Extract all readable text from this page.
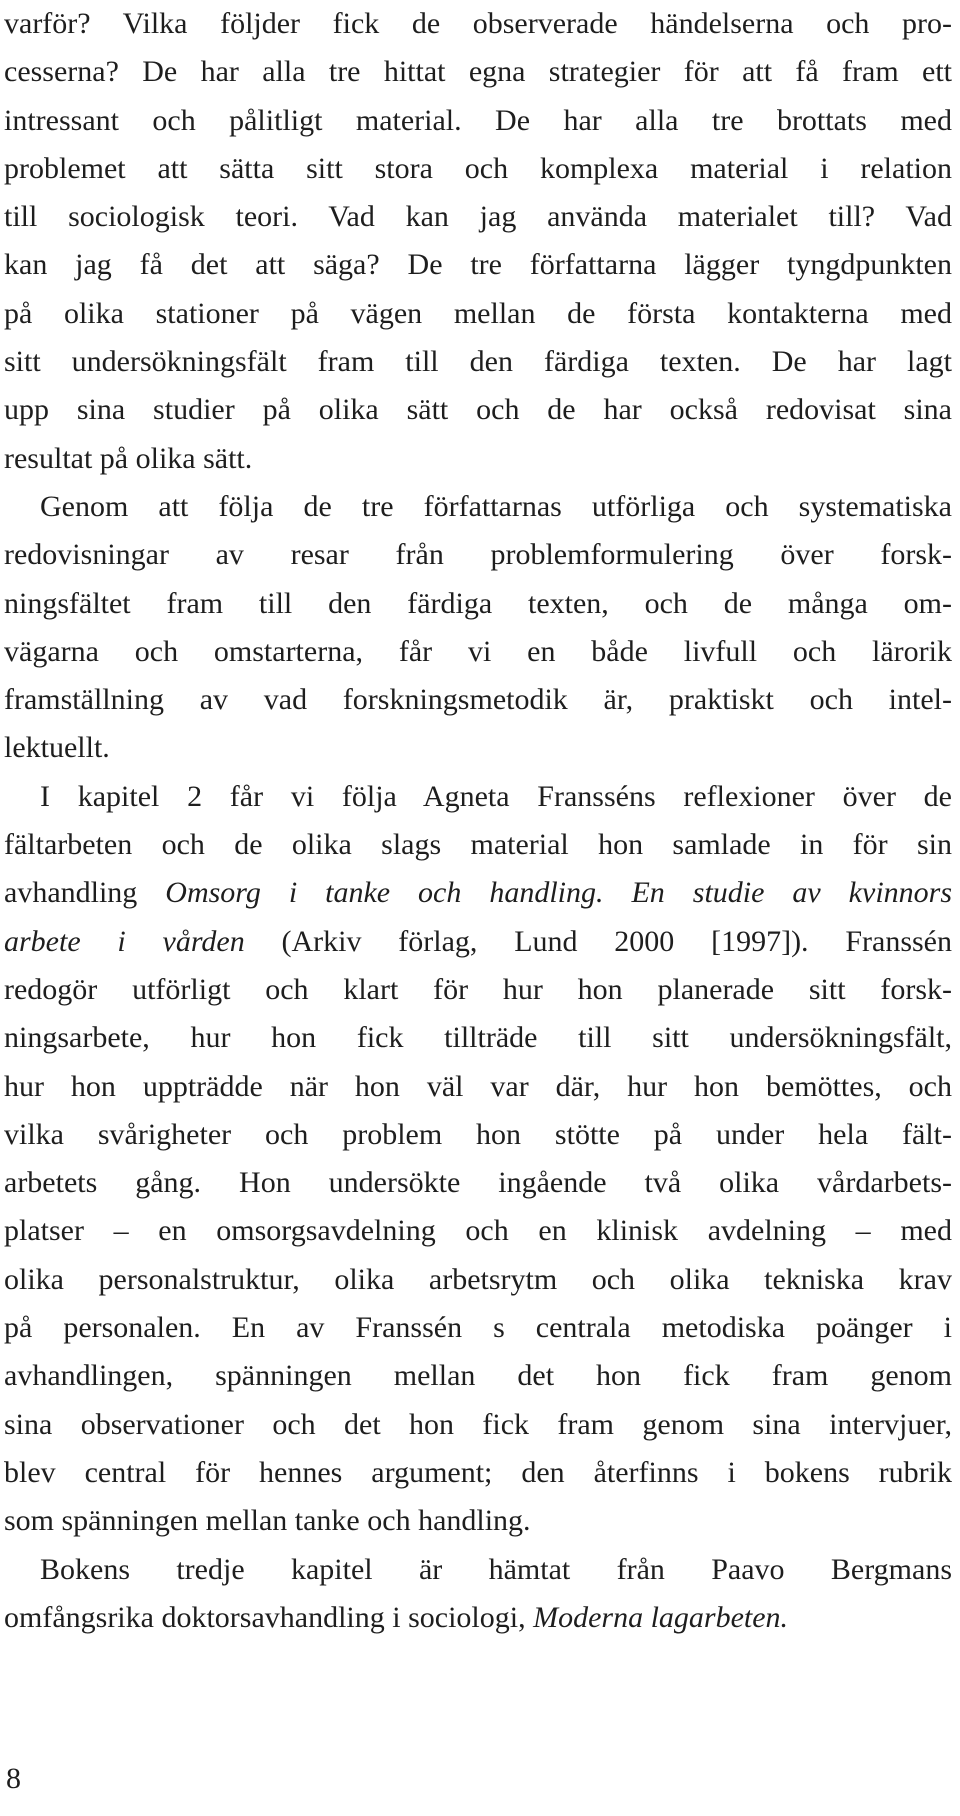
varför? Vilka följder fick de observerade händelserna och pro-
cesserna? De har alla tre hittat egna strategier för att få fram ett
intressant och pålitligt material. De har alla tre brottats med
problemet att sätta sitt stora och komplexa material i relation
till sociologisk teori. Vad kan jag använda materialet till? Vad
kan jag få det att säga? De tre författarna lägger tyngdpunkten
på olika stationer på vägen mellan de första kontakterna med
sitt undersökningsfält fram till den färdiga texten. De har lagt
upp sina studier på olika sätt och de har också redovisat sina
resultat på olika sätt.
Genom att följa de tre författarnas utförliga och systematiska
redovisningar av resar från problemformulering över forsk-
ningsfältet fram till den färdiga texten, och de många om-
vägarna och omstarterna, får vi en både livfull och lärorik
framställning av vad forskningsmetodik är, praktiskt och intel-
lektuellt.
I kapitel 2 får vi följa Agneta Fransséns reflexioner över de
fältarbeten och de olika slags material hon samlade in för sin
avhandling Omsorg i tanke och handling. En studie av kvinnors
arbete i vården (Arkiv förlag, Lund 2000 [1997]). Franssén
redogör utförligt och klart för hur hon planerade sitt forsk-
ningsarbete, hur hon fick tillträde till sitt undersökningsfält,
hur hon uppträdde när hon väl var där, hur hon bemöttes, och
vilka svårigheter och problem hon stötte på under hela fält-
arbetets gång. Hon undersökte ingående två olika vårdarbets-
platser – en omsorgsavdelning och en klinisk avdelning – med
olika personalstruktur, olika arbetsrytm och olika tekniska krav
på personalen. En av Franssén s centrala metodiska poänger i
avhandlingen, spänningen mellan det hon fick fram genom
sina observationer och det hon fick fram genom sina intervjuer,
blev central för hennes argument; den återfinns i bokens rubrik
som spänningen mellan tanke och handling.
Bokens tredje kapitel är hämtat från Paavo Bergmans
omfångsrika doktorsavhandling i sociologi, Moderna lagarbeten.
8
